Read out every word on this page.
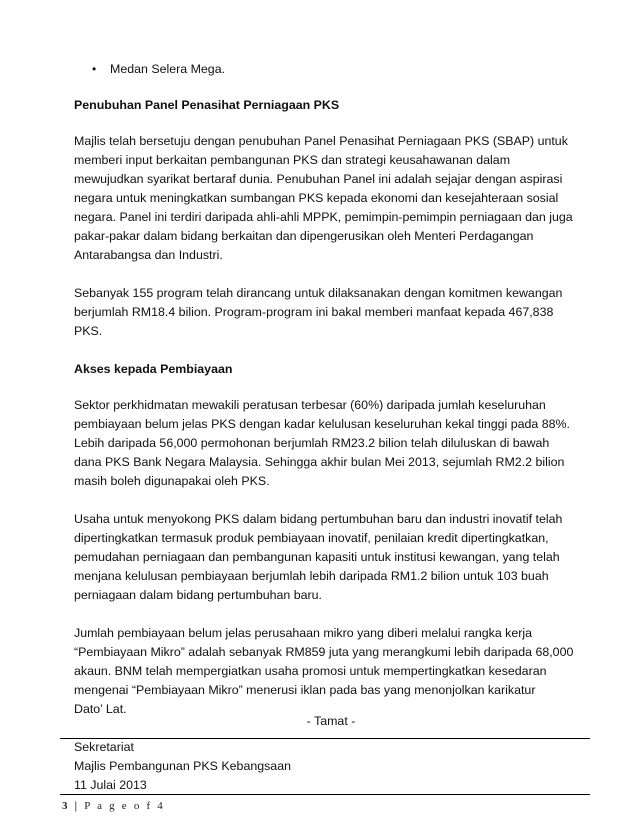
•	Medan Selera Mega.
Penubuhan Panel Penasihat Perniagaan PKS
Majlis telah bersetuju dengan penubuhan Panel Penasihat Perniagaan PKS (SBAP) untuk
memberi input berkaitan pembangunan PKS dan strategi keusahawanan dalam
mewujudkan syarikat bertaraf dunia. Penubuhan Panel ini adalah sejajar dengan aspirasi
negara untuk meningkatkan sumbangan PKS kepada ekonomi dan kesejahteraan sosial
negara. Panel ini terdiri daripada ahli-ahli MPPK, pemimpin-pemimpin perniagaan dan juga
pakar-pakar dalam bidang berkaitan dan dipengerusikan oleh Menteri Perdagangan
Antarabangsa dan Industri.
Sebanyak 155 program telah dirancang untuk dilaksanakan dengan komitmen kewangan
berjumlah RM18.4 bilion. Program-program ini bakal memberi manfaat kepada 467,838
PKS.
Akses kepada Pembiayaan
Sektor perkhidmatan mewakili peratusan terbesar (60%) daripada jumlah keseluruhan
pembiayaan belum jelas PKS dengan kadar kelulusan keseluruhan kekal tinggi pada 88%.
Lebih daripada 56,000 permohonan berjumlah RM23.2 bilion telah diluluskan di bawah
dana PKS Bank Negara Malaysia. Sehingga akhir bulan Mei 2013, sejumlah RM2.2 bilion
masih boleh digunapakai oleh PKS.
Usaha untuk menyokong PKS dalam bidang pertumbuhan baru dan industri inovatif telah
dipertingkatkan termasuk produk pembiayaan inovatif, penilaian kredit dipertingkatkan,
pemudahan perniagaan dan pembangunan kapasiti untuk institusi kewangan, yang telah
menjana kelulusan pembiayaan berjumlah lebih daripada RM1.2 bilion untuk 103 buah
perniagaan dalam bidang pertumbuhan baru.
Jumlah pembiayaan belum jelas perusahaan mikro yang diberi melalui rangka kerja
“Pembiayaan Mikro” adalah sebanyak RM859 juta yang merangkumi lebih daripada 68,000
akaun. BNM telah mempergiatkan usaha promosi untuk mempertingkatkan kesedaran
mengenai “Pembiayaan Mikro” menerusi iklan pada bas yang menonjolkan karikatur
Dato’ Lat.
Sekretariat
Majlis Pembangunan PKS Kebangsaan
11 Julai 2013
- Tamat -
3 | P a g e o f 4
